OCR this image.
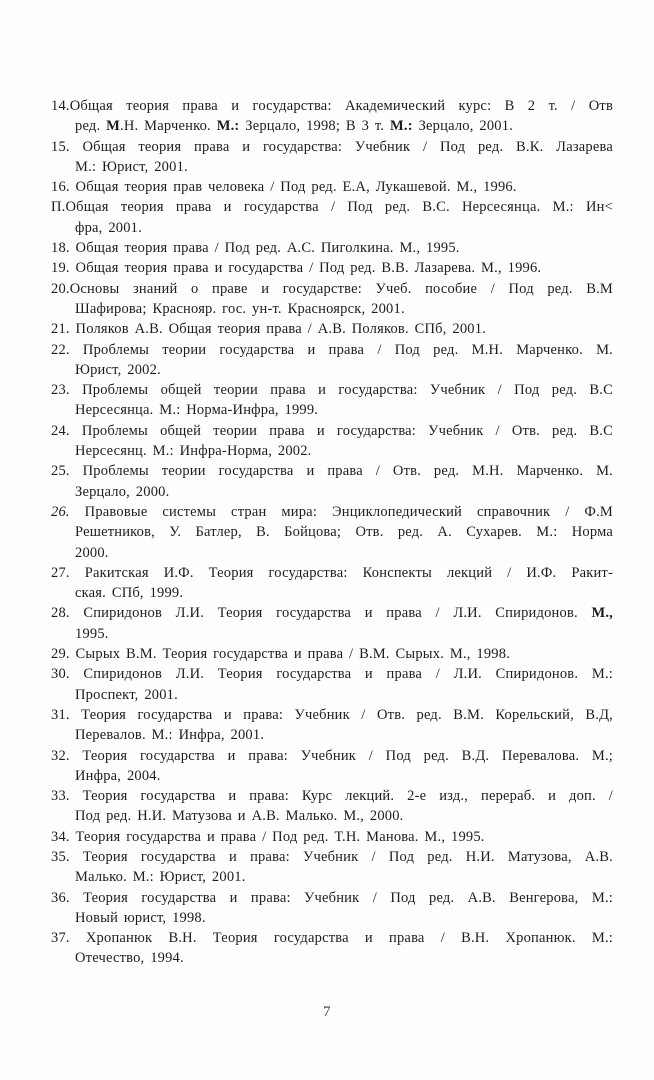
14.Общая теория права и государства: Академический курс: В 2 т. / Отв
ред. М.Н. Марченко. М.: Зерцало, 1998; В 3 т. М.: Зерцало, 2001.
15. Общая теория права и государства: Учебник / Под ред. В.К. Лазарева
М.: Юрист, 2001.
16. Общая теория прав человека / Под ред. Е.А, Лукашевой. М., 1996.
П.Общая теория права и государства / Под ред. В.С. Нерсесянца. М.: Ин<
фра, 2001.
18. Общая теория права / Под ред. А.С. Пиголкина. М., 1995.
19. Общая теория права и государства / Под ред. В.В. Лазарева. М., 1996.
20.Основы знаний о праве и государстве: Учеб. пособие / Под ред. В.М
Шафирова; Краснояр. гос. ун-т. Красноярск, 2001.
21. Поляков А.В. Общая теория права / А.В. Поляков. СПб, 2001.
22. Проблемы теории государства и права / Под ред. М.Н. Марченко. М.
Юрист, 2002.
23. Проблемы общей теории права и государства: Учебник / Под ред. В.С
Нерсесянца. М.: Норма-Инфра, 1999.
24. Проблемы общей теории права и государства: Учебник / Отв. ред. В.С
Нерсесянц. М.: Инфра-Норма, 2002.
25. Проблемы теории государства и права / Отв. ред. М.Н. Марченко. М.
Зерцало, 2000.
26. Правовые системы стран мира: Энциклопедический справочник / Ф.М
Решетников, У. Батлер, В. Бойцова; Отв. ред. А. Сухарев. М.: Норма
2000.
27. Ракитская И.Ф. Теория государства: Конспекты лекций / И.Ф. Ракит-
ская. СПб, 1999.
28. Спиридонов Л.И. Теория государства и права / Л.И. Спиридонов. М.,
1995.
29. Сырых В.М. Теория государства и права / В.М. Сырых. М., 1998.
30. Спиридонов Л.И. Теория государства и права / Л.И. Спиридонов. М.:
Проспект, 2001.
31. Теория государства и права: Учебник / Отв. ред. В.М. Корельский, В.Д,
Перевалов. М.: Инфра, 2001.
32. Теория государства и права: Учебник / Под ред. В.Д. Перевалова. М.;
Инфра, 2004.
33. Теория государства и права: Курс лекций. 2-е изд., перераб. и доп. /
Под ред. Н.И. Матузова и А.В. Малько. М., 2000.
34. Теория государства и права / Под ред. Т.Н. Манова. М., 1995.
35. Теория государства и права: Учебник / Под ред. Н.И. Матузова, А.В.
Малько. М.: Юрист, 2001.
36. Теория государства и права: Учебник / Под ред. А.В. Венгерова, М.:
Новый юрист, 1998.
37. Хропанюк В.Н. Теория государства и права / В.Н. Хропанюк. М.:
Отечество, 1994.
7
